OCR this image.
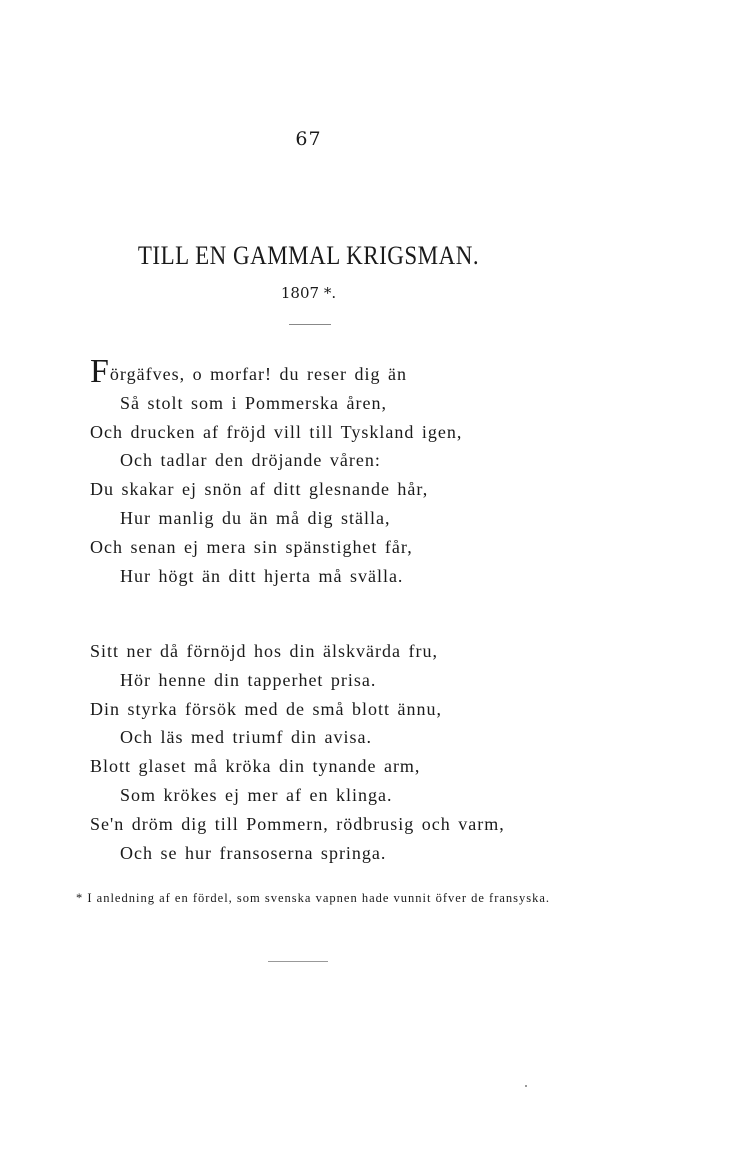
67
TILL EN GAMMAL KRIGSMAN.
1807 *.
Förgäfves, o morfar! du reser dig än
Så stolt som i Pommerska åren,
Och drucken af fröjd vill till Tyskland igen,
Och tadlar den dröjande våren:
Du skakar ej snön af ditt glesnande hår,
Hur manlig du än må dig ställa,
Och senan ej mera sin spänstighet får,
Hur högt än ditt hjerta må svälla.
Sitt ner då förnöjd hos din älskvärda fru,
Hör henne din tapperhet prisa.
Din styrka försök med de små blott ännu,
Och läs med triumf din avisa.
Blott glaset må kröka din tynande arm,
Som krökes ej mer af en klinga.
Se'n dröm dig till Pommern, rödbrusig och varm,
Och se hur fransoserna springa.
* I anledning af en fördel, som svenska vapnen hade vunnit öfver de fransyska.
